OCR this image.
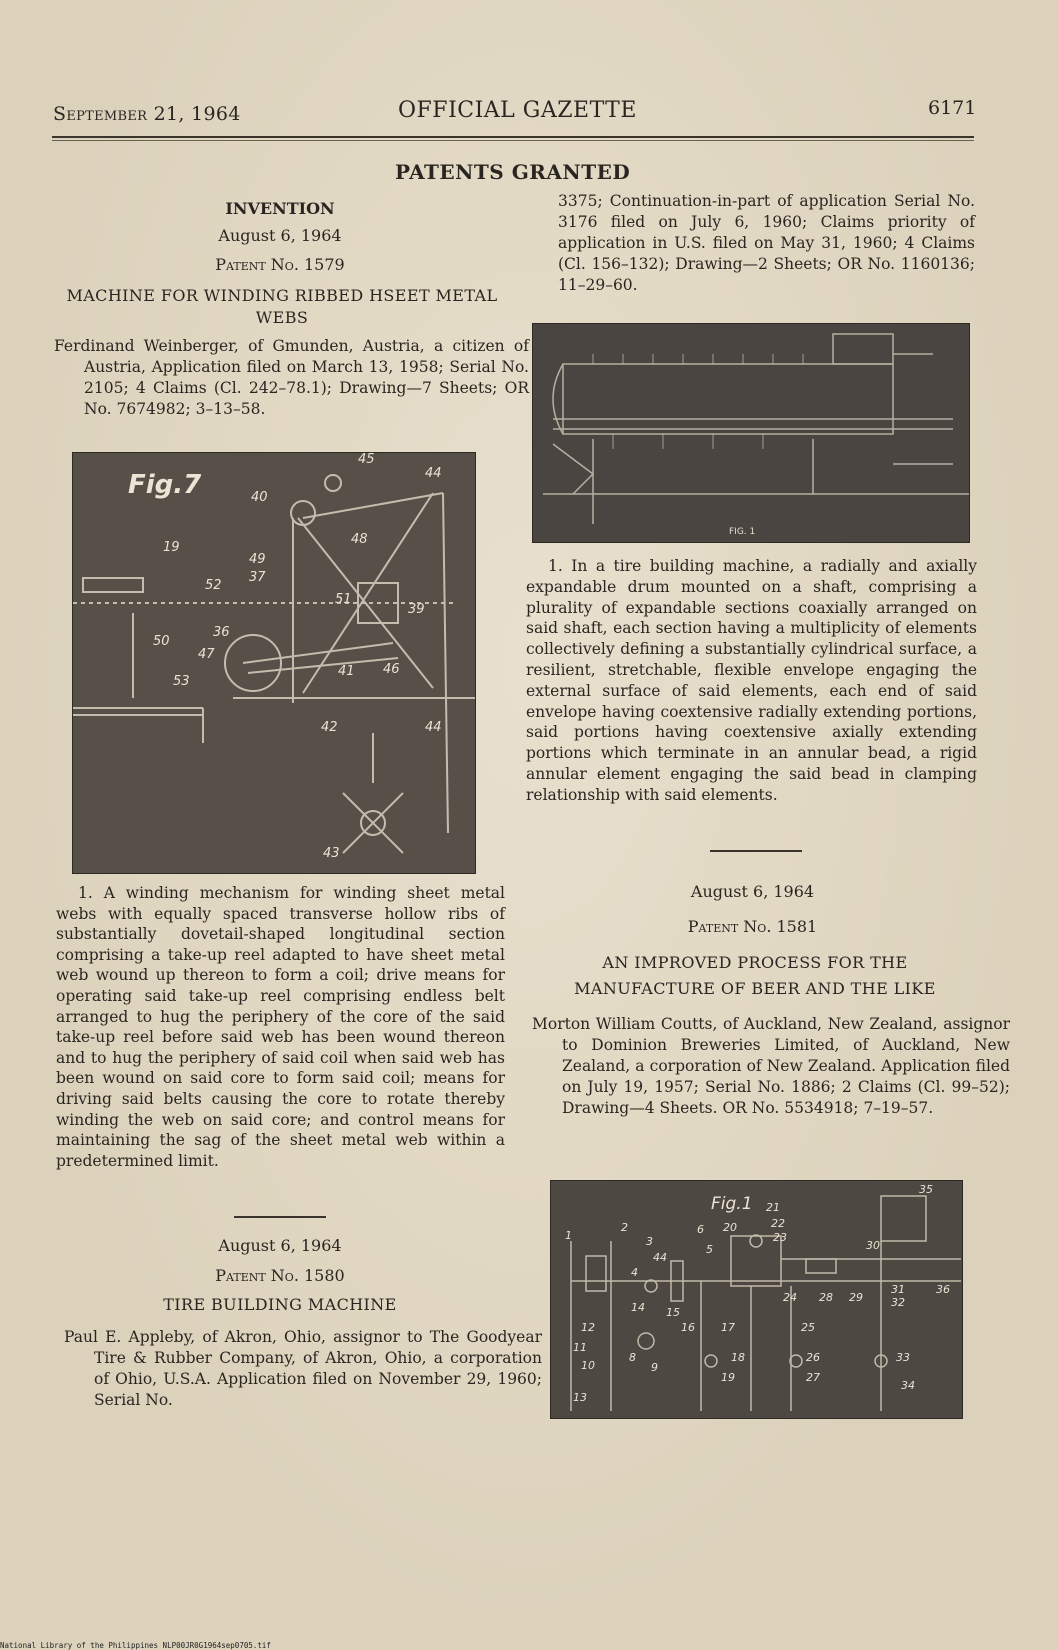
September 21, 1964	OFFICIAL GAZETTE	6171
PATENTS GRANTED
INVENTION
August 6, 1964
Patent No. 1579
MACHINE FOR WINDING RIBBED HSEET METAL WEBS
Ferdinand Weinberger, of Gmunden, Austria, a citizen of Austria, Application filed on March 13, 1958; Serial No. 2105; 4 Claims (Cl. 242–78.1); Drawing—7 Sheets; OR No. 7674982; 3–13–58.
Fig.7
45
44
40
48
19
49
37
52
51
39
36
47
50
53
41 46
42	44
43
1. A winding mechanism for winding sheet metal webs with equally spaced transverse hollow ribs of substantially dovetail-shaped longitudinal section comprising a take-up reel adapted to have sheet metal web wound up thereon to form a coil; drive means for operating said take-up reel comprising endless belt arranged to hug the periphery of the core of the said take-up reel before said web has been wound thereon and to hug the periphery of said coil when said web has been wound on said core to form said coil; means for driving said belts causing the core to rotate thereby winding the web on said core; and control means for maintaining the sag of the sheet metal web within a predetermined limit.
August 6, 1964
Patent No. 1580
TIRE BUILDING MACHINE
Paul E. Appleby, of Akron, Ohio, assignor to The Goodyear Tire & Rubber Company, of Akron, Ohio, a corporation of Ohio, U.S.A. Application filed on November 29, 1960; Serial No.
3375; Continuation-in-part of application Serial No. 3176 filed on July 6, 1960; Claims priority of application in U.S. filed on May 31, 1960; 4 Claims (Cl. 156–132); Drawing—2 Sheets; OR No. 1160136; 11–29–60.
FIG. 1
1. In a tire building machine, a radially and axially expandable drum mounted on a shaft, comprising a plurality of expandable sections coaxially arranged on said shaft, each section having a multiplicity of elements collectively defining a substantially cylindrical surface, a resilient, stretchable, flexible envelope engaging the external surface of said elements, each end of said envelope having coextensive radially extending portions, said portions having coextensive axially extending portions which terminate in an annular bead, a rigid annular element engaging the said bead in clamping relationship with said elements.
August 6, 1964
Patent No. 1581
AN IMPROVED PROCESS FOR THE MANUFACTURE OF BEER AND THE LIKE
Morton William Coutts, of Auckland, New Zealand, assignor to Dominion Breweries Limited, of Auckland, New Zealand, a corporation of New Zealand. Application filed on July 19, 1957; Serial No. 1886; 2 Claims (Cl. 99–52); Drawing—4 Sheets. OR No. 5534918; 7–19–57.
Fig.1 21
22
20
23
35
1
2
3
44
6
30
5
4
24 28 29
31	36
15
14
16 17	25
32
12
11
10	9
8	18	26	33
19	27
13
34
National Library of the Philippines NLP00JR0G1964sep0705.tif
